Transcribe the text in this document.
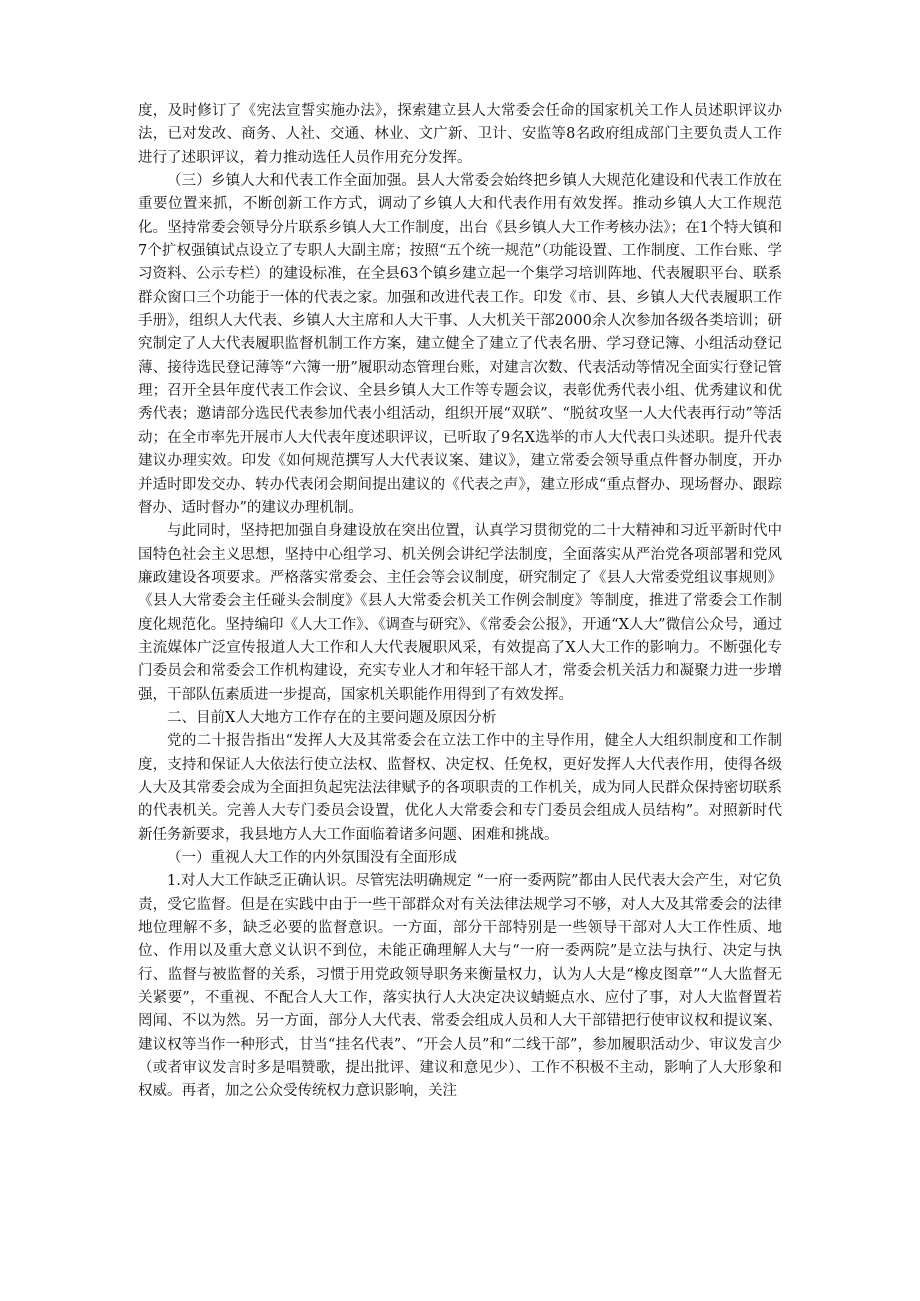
度，及时修订了《宪法宣誓实施办法》，探索建立县人大常委会任命的国家机关工作人员述职评议办法，已对发改、商务、人社、交通、林业、文广新、卫计、安监等8名政府组成部门主要负责人工作进行了述职评议，着力推动选任人员作用充分发挥。

（三）乡镇人大和代表工作全面加强。县人大常委会始终把乡镇人大规范化建设和代表工作放在重要位置来抓，不断创新工作方式，调动了乡镇人大和代表作用有效发挥。推动乡镇人大工作规范化。坚持常委会领导分片联系乡镇人大工作制度，出台《县乡镇人大工作考核办法》；在1个特大镇和7个扩权强镇试点设立了专职人大副主席；按照“五个统一规范”（功能设置、工作制度、工作台账、学习资料、公示专栏）的建设标准，在全县63个镇乡建立起一个集学习培训阵地、代表履职平台、联系群众窗口三个功能于一体的代表之家。加强和改进代表工作。印发《市、县、乡镇人大代表履职工作手册》，组织人大代表、乡镇人大主席和人大干事、人大机关干部2000余人次参加各级各类培训；研究制定了人大代表履职监督机制工作方案，建立健全了建立了代表名册、学习登记簿、小组活动登记薄、接待选民登记薄等“六簿一册”履职动态管理台账，对建言次数、代表活动等情况全面实行登记管理；召开全县年度代表工作会议、全县乡镇人大工作等专题会议，表彰优秀代表小组、优秀建议和优秀代表；邀请部分选民代表参加代表小组活动，组织开展“双联”、“脱贫攻坚一人大代表再行动”等活动；在全市率先开展市人大代表年度述职评议，已听取了9名X选举的市人大代表口头述职。提升代表建议办理实效。印发《如何规范撰写人大代表议案、建议》，建立常委会领导重点件督办制度，开办并适时即发交办、转办代表闭会期间提出建议的《代表之声》，建立形成“重点督办、现场督办、跟踪督办、适时督办”的建议办理机制。

与此同时，坚持把加强自身建设放在突出位置，认真学习贯彻党的二十大精神和习近平新时代中国特色社会主义思想，坚持中心组学习、机关例会讲纪学法制度，全面落实从严治党各项部署和党风廉政建设各项要求。严格落实常委会、主任会等会议制度，研究制定了《县人大常委党组议事规则》《县人大常委会主任碰头会制度》《县人大常委会机关工作例会制度》等制度，推进了常委会工作制度化规范化。坚持编印《人大工作》、《调查与研究》、《常委会公报》，开通“X人大”微信公众号，通过主流媒体广泛宣传报道人大工作和人大代表履职风采，有效提高了X人大工作的影响力。不断强化专门委员会和常委会工作机构建设，充实专业人才和年轻干部人才，常委会机关活力和凝聚力进一步增强，干部队伍素质进一步提高，国家机关职能作用得到了有效发挥。

二、目前X人大地方工作存在的主要问题及原因分析

党的二十报告指出“发挥人大及其常委会在立法工作中的主导作用，健全人大组织制度和工作制度，支持和保证人大依法行使立法权、监督权、决定权、任免权，更好发挥人大代表作用，使得各级人大及其常委会成为全面担负起宪法法律赋予的各项职责的工作机关，成为同人民群众保持密切联系的代表机关。完善人大专门委员会设置，优化人大常委会和专门委员会组成人员结构”。对照新时代新任务新要求，我县地方人大工作面临着诸多问题、困难和挑战。

（一）重视人大工作的内外氛围没有全面形成

1.对人大工作缺乏正确认识。尽管宪法明确规定 “一府一委两院”都由人民代表大会产生，对它负责，受它监督。但是在实践中由于一些干部群众对有关法律法规学习不够，对人大及其常委会的法律地位理解不多，缺乏必要的监督意识。一方面，部分干部特别是一些领导干部对人大工作性质、地位、作用以及重大意义认识不到位，未能正确理解人大与“一府一委两院”是立法与执行、决定与执行、监督与被监督的关系，习惯于用党政领导职务来衡量权力，认为人大是“橡皮图章”“人大监督无关紧要”，不重视、不配合人大工作，落实执行人大决定决议蜻蜓点水、应付了事，对人大监督置若罔闻、不以为然。另一方面，部分人大代表、常委会组成人员和人大干部错把行使审议权和提议案、建议权等当作一种形式，甘当“挂名代表”、“开会人员”和“二线干部”，参加履职活动少、审议发言少（或者审议发言时多是唱赞歌，提出批评、建议和意见少）、工作不积极不主动，影响了人大形象和权威。再者，加之公众受传统权力意识影响，关注
